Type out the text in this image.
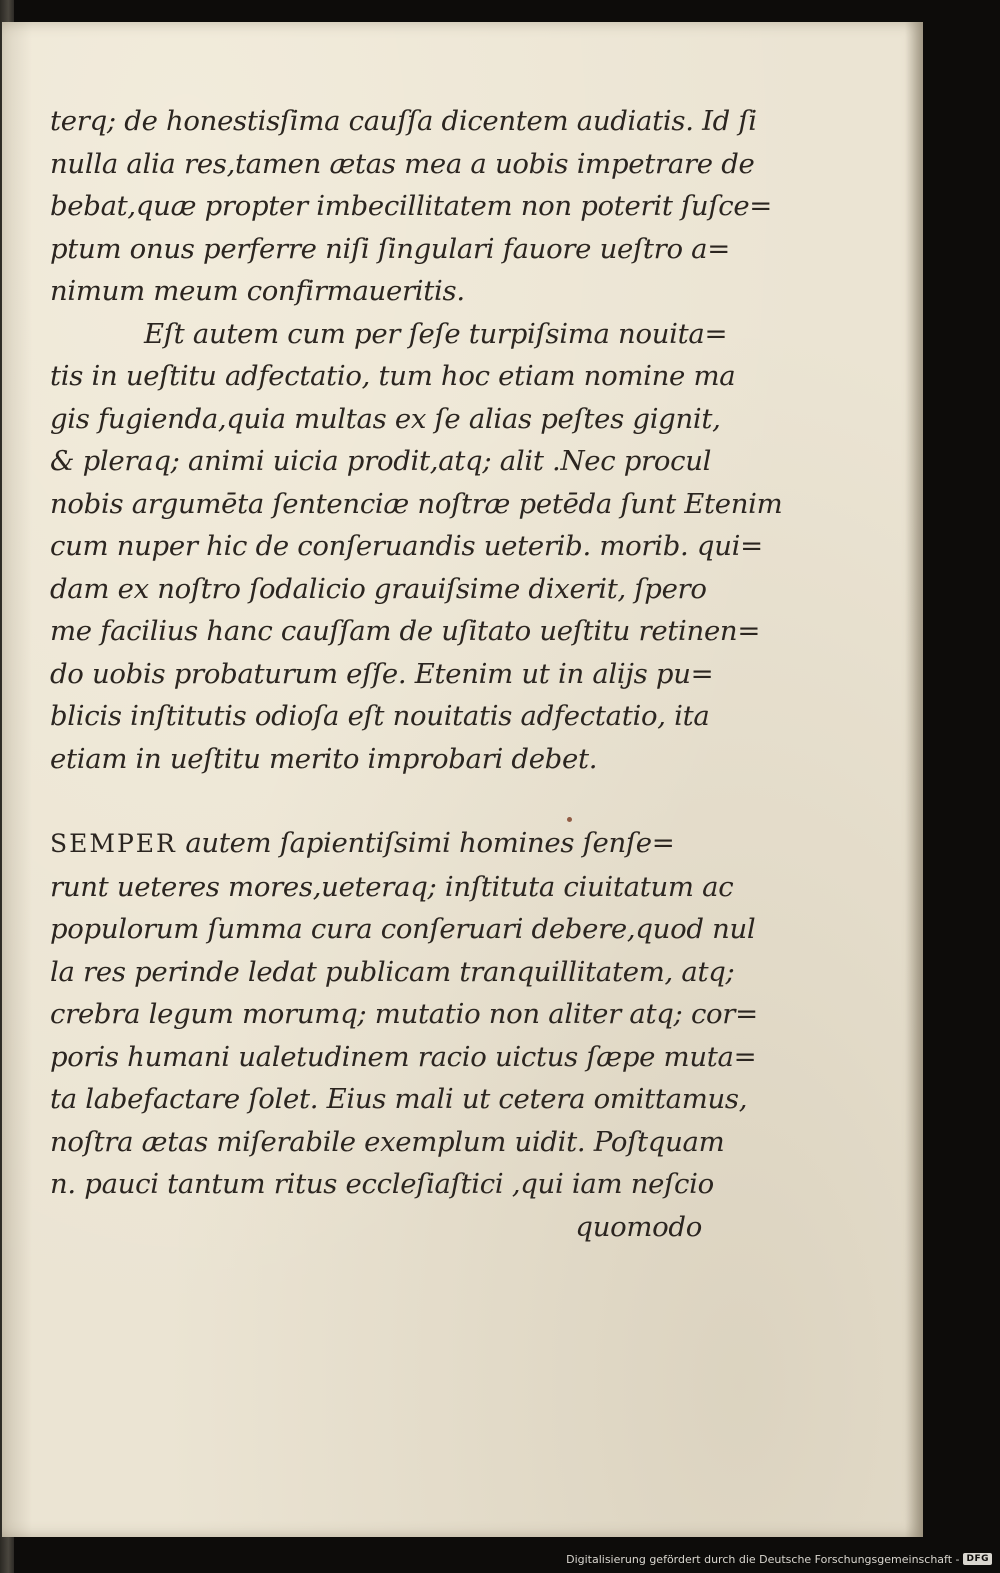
terq; de honestisſima cauſſa dicentem audiatis. Id ſi
nulla alia res,tamen ætas mea a uobis impetrare de
bebat,quæ propter imbecillitatem non poterit ſuſce=
ptum onus perferre niſi ſingulari fauore ueſtro a=
nimum meum confirmaueritis.
Eſt autem cum per ſeſe turpiſsima nouita=
tis in ueſtitu adfectatio, tum hoc etiam nomine ma
gis fugienda,quia multas ex ſe alias peſtes gignit,
& pleraq; animi uicia prodit,atq; alit .Nec procul
nobis argumēta ſentenciæ noſtræ petēda ſunt Etenim
cum nuper hic de conſeruandis ueterib. morib. qui=
dam ex noſtro ſodalicio grauiſsime dixerit, ſpero
me facilius hanc cauſſam de uſitato ueſtitu retinen=
do uobis probaturum eſſe. Etenim ut in alijs pu=
blicis inſtitutis odioſa eſt nouitatis adfectatio, ita
etiam in ueſtitu merito improbari debet.
SEMPER autem ſapientiſsimi homines ſenſe=
runt ueteres mores,ueteraq; inſtituta ciuitatum ac
populorum ſumma cura conſeruari debere,quod nul
la res perinde ledat publicam tranquillitatem, atq;
crebra legum morumq; mutatio non aliter atq; cor=
poris humani ualetudinem racio uictus ſæpe muta=
ta labefactare ſolet. Eius mali ut cetera omittamus,
noſtra ætas miſerabile exemplum uidit. Poſtquam
n. pauci tantum ritus eccleſiaſtici ,qui iam neſcio
quomodo
Digitalisierung gefördert durch die Deutsche Forschungsgemeinschaft - DFG
